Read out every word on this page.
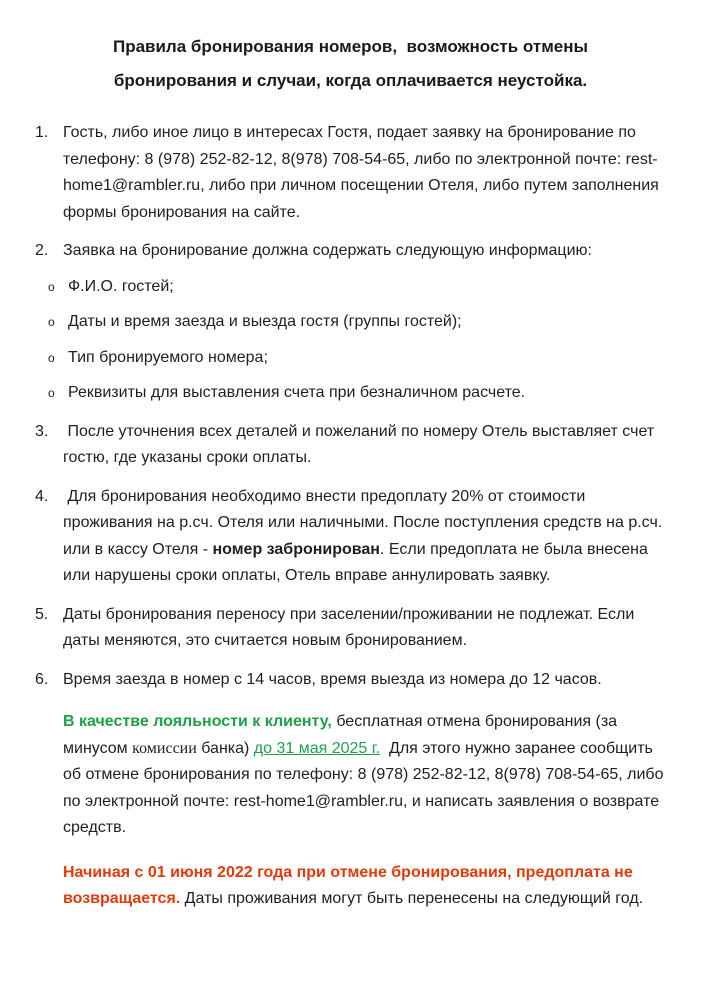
Правила бронирования номеров,  возможность отмены бронирования и случаи, когда оплачивается неустойка.
1. Гость, либо иное лицо в интересах Гостя, подает заявку на бронирование по телефону: 8 (978) 252-82-12, 8(978) 708-54-65, либо по электронной почте: rest-home1@rambler.ru, либо при личном посещении Отеля, либо путем заполнения формы бронирования на сайте.
2. Заявка на бронирование должна содержать следующую информацию:
o Ф.И.О. гостей;
o Даты и время заезда и выезда гостя (группы гостей);
o Тип бронируемого номера;
o Реквизиты для выставления счета при безналичном расчете.
3. После уточнения всех деталей и пожеланий по номеру Отель выставляет счет  гостю, где указаны сроки оплаты.
4. Для бронирования необходимо внести предоплату 20% от стоимости проживания на р.сч. Отеля или наличными. После поступления средств на р.сч. или в кассу Отеля - номер забронирован. Если предоплата не была внесена или нарушены сроки оплаты, Отель вправе аннулировать заявку.
5. Даты бронирования переносу при заселении/проживании не подлежат. Если даты меняются, это считается новым бронированием.
6. Время заезда в номер с 14 часов, время выезда из номера до 12 часов.

В качестве лояльности к клиенту, бесплатная отмена бронирования (за минусом комиссии банка) до 31 мая 2025 г.  Для этого нужно заранее сообщить об отмене бронирования по телефону: 8 (978) 252-82-12, 8(978) 708-54-65, либо по электронной почте: rest-home1@rambler.ru, и написать заявления о возврате средств.

Начиная с 01 июня 2022 года при отмене бронирования, предоплата не возвращается. Даты проживания могут быть перенесены на следующий год.
